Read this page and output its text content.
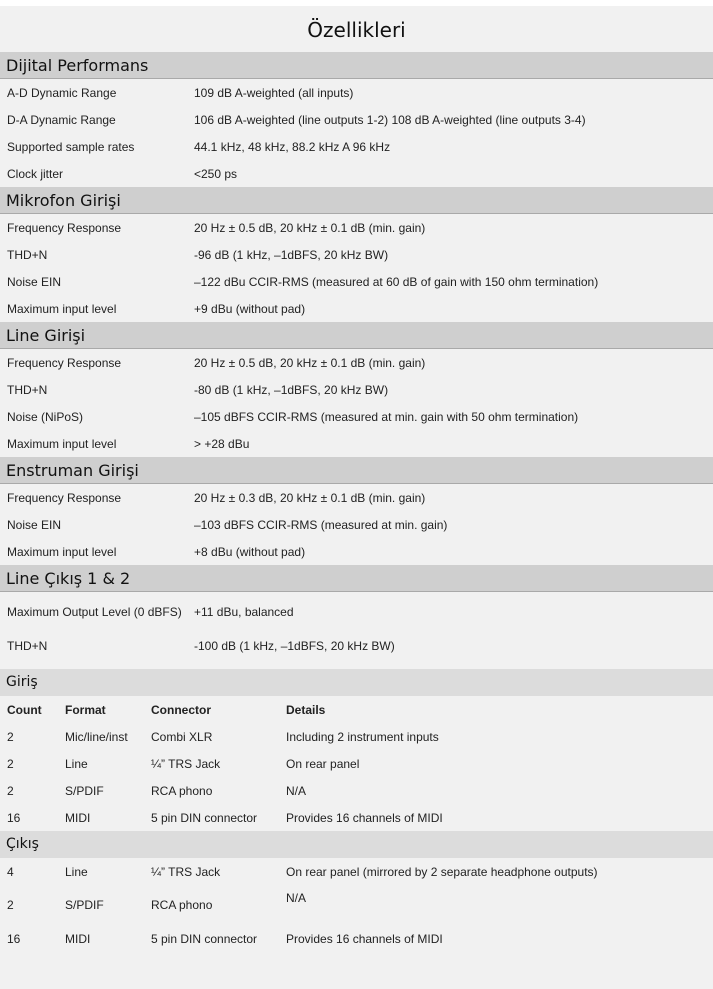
Özellikleri
Dijital Performans
A-D Dynamic Range	109 dB A-weighted (all inputs)
D-A Dynamic Range	106 dB A-weighted (line outputs 1-2) 108 dB A-weighted (line outputs 3-4)
Supported sample rates	44.1 kHz, 48 kHz, 88.2 kHz A 96 kHz
Clock jitter	<250 ps
Mikrofon Girişi
Frequency Response	20 Hz ± 0.5 dB, 20 kHz ± 0.1 dB (min. gain)
THD+N	-96 dB (1 kHz, –1dBFS, 20 kHz BW)
Noise EIN	–122 dBu CCIR-RMS (measured at 60 dB of gain with 150 ohm termination)
Maximum input level	+9 dBu (without pad)
Line Girişi
Frequency Response	20 Hz ± 0.5 dB, 20 kHz ± 0.1 dB (min. gain)
THD+N	-80 dB (1 kHz, –1dBFS, 20 kHz BW)
Noise (NiPoS)	–105 dBFS CCIR-RMS (measured at min. gain with 50 ohm termination)
Maximum input level	> +28 dBu
Enstruman Girişi
Frequency Response	20 Hz ± 0.3 dB, 20 kHz ± 0.1 dB (min. gain)
Noise EIN	–103 dBFS CCIR-RMS (measured at min. gain)
Maximum input level	+8 dBu (without pad)
Line Çıkış 1 & 2
Maximum Output Level (0 dBFS)	+11 dBu, balanced
THD+N	-100 dB (1 kHz, –1dBFS, 20 kHz BW)
Giriş
Count	Format	Connector	Details
2	Mic/line/inst	Combi XLR	Including 2 instrument inputs
2	Line	¼” TRS Jack	On rear panel
2	S/PDIF	RCA phono	N/A
16	MIDI	5 pin DIN connector	Provides 16 channels of MIDI
Çıkış
4	Line	¼” TRS Jack	On rear panel (mirrored by 2 separate headphone outputs)
2	S/PDIF	RCA phono	N/A
16	MIDI	5 pin DIN connector	Provides 16 channels of MIDI
